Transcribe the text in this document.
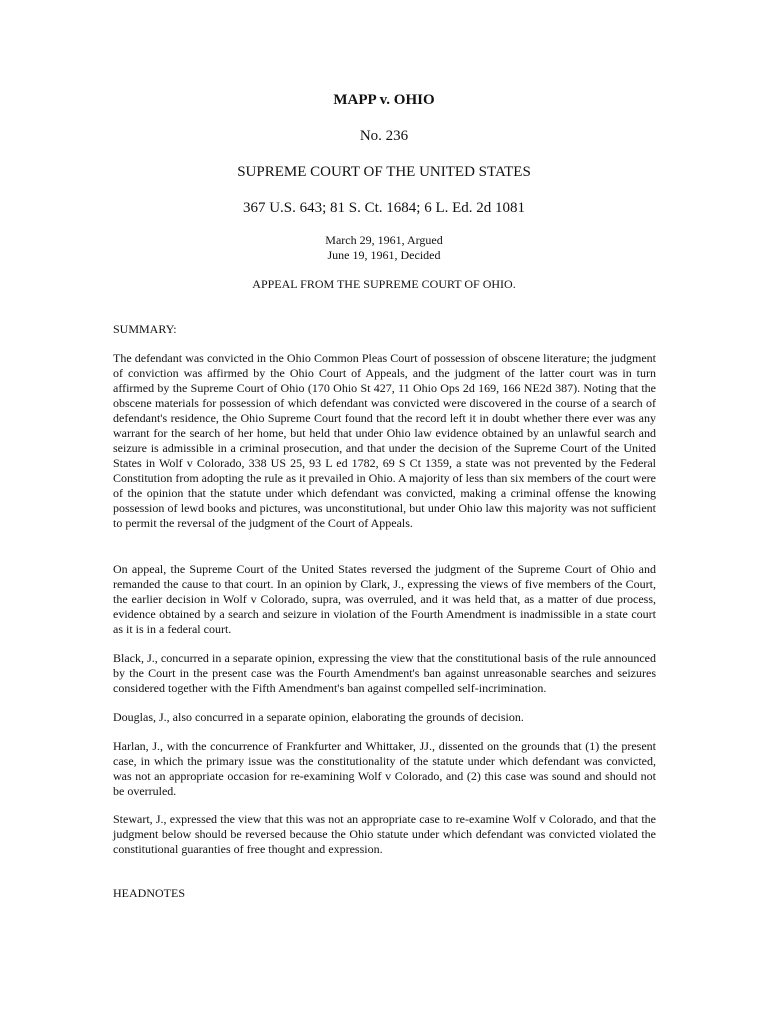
MAPP v. OHIO
No. 236
SUPREME COURT OF THE UNITED STATES
367 U.S. 643; 81 S. Ct. 1684; 6 L. Ed. 2d 1081
March 29, 1961, Argued
June 19, 1961, Decided
APPEAL FROM THE SUPREME COURT OF OHIO.
SUMMARY:
The defendant was convicted in the Ohio Common Pleas Court of possession of obscene literature; the judgment of conviction was affirmed by the Ohio Court of Appeals, and the judgment of the latter court was in turn affirmed by the Supreme Court of Ohio (170 Ohio St 427, 11 Ohio Ops 2d 169, 166 NE2d 387). Noting that the obscene materials for possession of which defendant was convicted were discovered in the course of a search of defendant's residence, the Ohio Supreme Court found that the record left it in doubt whether there ever was any warrant for the search of her home, but held that under Ohio law evidence obtained by an unlawful search and seizure is admissible in a criminal prosecution, and that under the decision of the Supreme Court of the United States in Wolf v Colorado, 338 US 25, 93 L ed 1782, 69 S Ct 1359, a state was not prevented by the Federal Constitution from adopting the rule as it prevailed in Ohio. A majority of less than six members of the court were of the opinion that the statute under which defendant was convicted, making a criminal offense the knowing possession of lewd books and pictures, was unconstitutional, but under Ohio law this majority was not sufficient to permit the reversal of the judgment of the Court of Appeals.
On appeal, the Supreme Court of the United States reversed the judgment of the Supreme Court of Ohio and remanded the cause to that court. In an opinion by Clark, J., expressing the views of five members of the Court, the earlier decision in Wolf v Colorado, supra, was overruled, and it was held that, as a matter of due process, evidence obtained by a search and seizure in violation of the Fourth Amendment is inadmissible in a state court as it is in a federal court.
Black, J., concurred in a separate opinion, expressing the view that the constitutional basis of the rule announced by the Court in the present case was the Fourth Amendment's ban against unreasonable searches and seizures considered together with the Fifth Amendment's ban against compelled self-incrimination.
Douglas, J., also concurred in a separate opinion, elaborating the grounds of decision.
Harlan, J., with the concurrence of Frankfurter and Whittaker, JJ., dissented on the grounds that (1) the present case, in which the primary issue was the constitutionality of the statute under which defendant was convicted, was not an appropriate occasion for re-examining Wolf v Colorado, and (2) this case was sound and should not be overruled.
Stewart, J., expressed the view that this was not an appropriate case to re-examine Wolf v Colorado, and that the judgment below should be reversed because the Ohio statute under which defendant was convicted violated the constitutional guaranties of free thought and expression.
HEADNOTES
